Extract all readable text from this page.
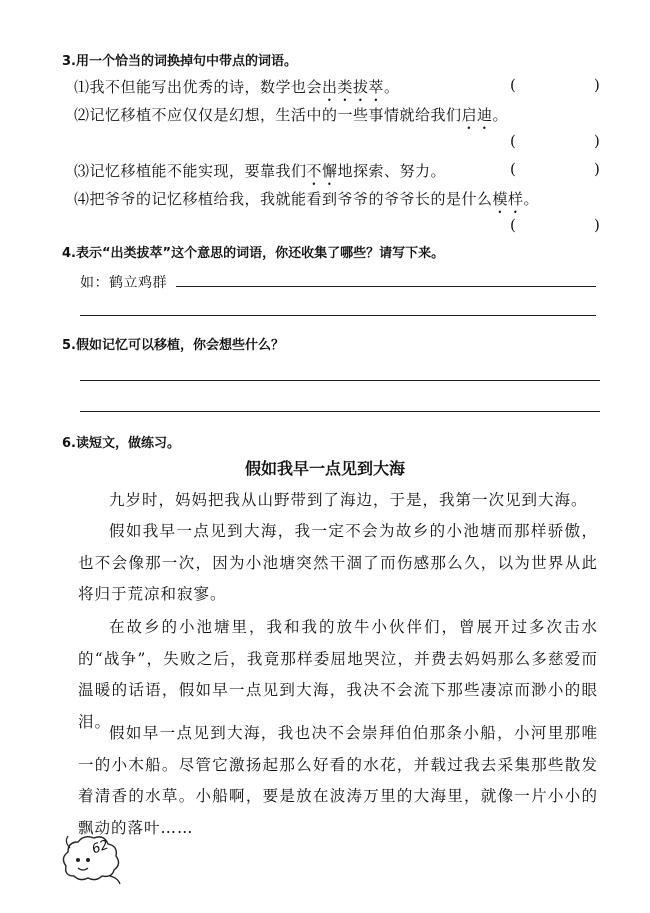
3.用一个恰当的词换掉句中带点的词语。
⑴我不但能写出优秀的诗，数学也会出类拔萃。	(	)
⑵记忆移植不应仅仅是幻想，生活中的一些事情就给我们启迪。
(	)
⑶记忆移植能不能实现，要靠我们不懈地探索、努力。	(	)
⑷把爷爷的记忆移植给我，我就能看到爷爷的爷爷长的是什么模样。
(	)
4.表示“出类拔萃”这个意思的词语，你还收集了哪些？请写下来。
如：鹤立鸡群
5.假如记忆可以移植，你会想些什么？
6.读短文，做练习。
假如我早一点见到大海

九岁时，妈妈把我从山野带到了海边，于是，我第一次见到大海。

假如我早一点见到大海，我一定不会为故乡的小池塘而那样骄傲，也不会像那一次，因为小池塘突然干涸了而伤感那么久，以为世界从此将归于荒凉和寂寥。

在故乡的小池塘里，我和我的放牛小伙伴们，曾展开过多次击水的“战争”，失败之后，我竟那样委屈地哭泣，并费去妈妈那么多慈爱而温暖的话语，假如早一点见到大海，我决不会流下那些凄凉而渺小的眼泪。

假如早一点见到大海，我也决不会崇拜伯伯那条小船，小河里那唯一的小木船。尽管它激扬起那么好看的水花，并载过我去采集那些散发着清香的水草。小船啊，要是放在波涛万里的大海里，就像一片小小的飘动的落叶……

62
